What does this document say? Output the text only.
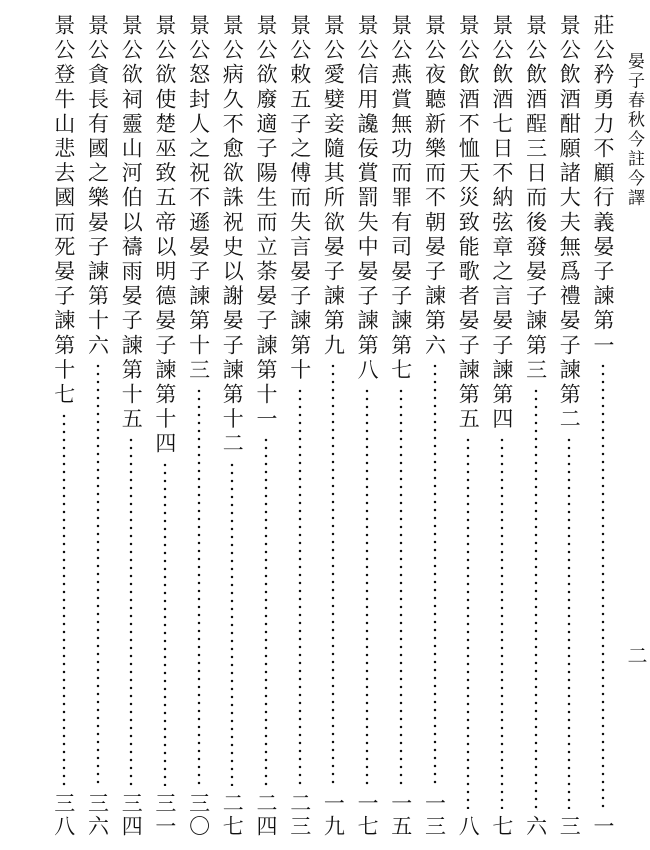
晏子春秋今註今譯
二
莊公矜勇力不顧行義晏子諫第一
一
景公飲酒酣願諸大夫無爲禮晏子諫第二
三
景公飲酒酲三日而後發晏子諫第三
六
景公飲酒七日不納弦章之言晏子諫第四
七
景公飲酒不恤天災致能歌者晏子諫第五
八
景公夜聽新樂而不朝晏子諫第六
一三
景公燕賞無功而罪有司晏子諫第七
一五
景公信用讒佞賞罰失中晏子諫第八
一七
景公愛嬖妾隨其所欲晏子諫第九
一九
景公敕五子之傅而失言晏子諫第十
二三
景公欲廢適子陽生而立荼晏子諫第十一
二四
景公病久不愈欲誅祝史以謝晏子諫第十二
二七
景公怒封人之祝不遜晏子諫第十三
三〇
景公欲使楚巫致五帝以明德晏子諫第十四
三一
景公欲祠靈山河伯以禱雨晏子諫第十五
三四
景公貪長有國之樂晏子諫第十六
三六
景公登牛山悲去國而死晏子諫第十七
三八
